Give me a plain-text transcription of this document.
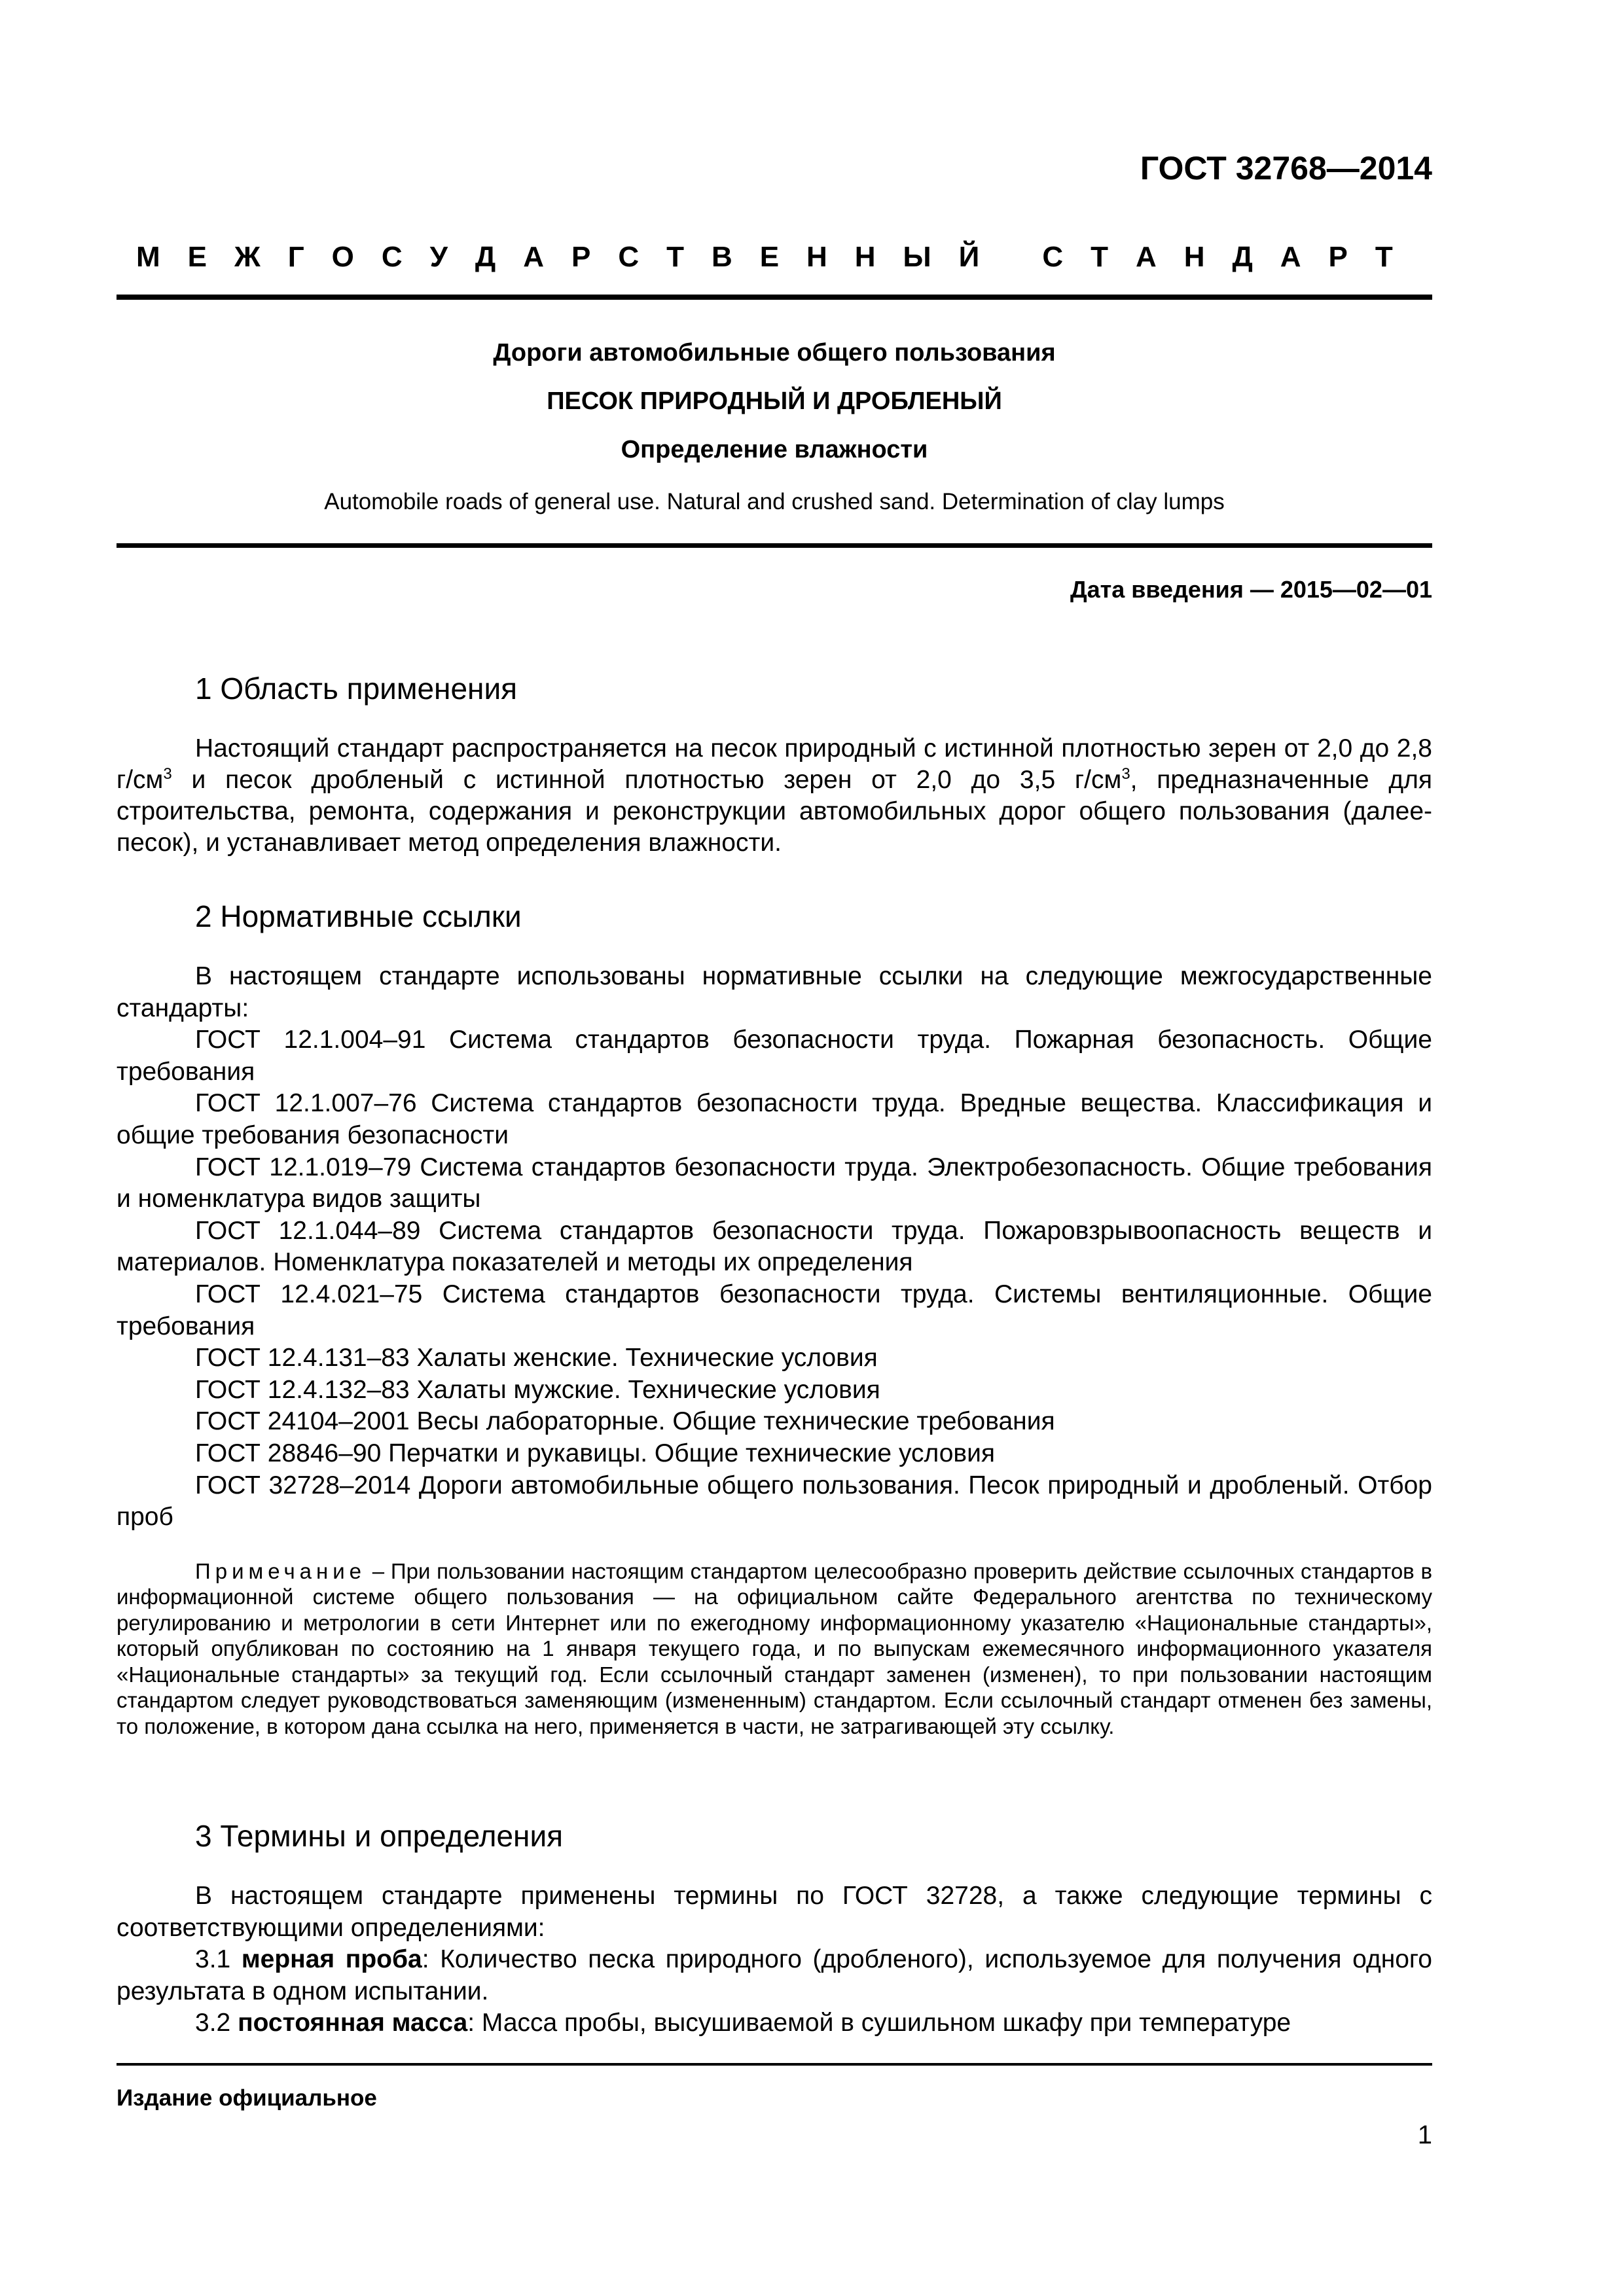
ГОСТ 32768—2014
М Е Ж Г О С У Д А Р С Т В Е Н Н Ы Й
С Т А Н Д А Р Т
Дороги автомобильные общего пользования
ПЕСОК ПРИРОДНЫЙ И ДРОБЛЕНЫЙ
Определение влажности
Automobile roads of general use. Natural and crushed sand. Determination of clay lumps
Дата введения — 2015—02—01
1 Область применения

Настоящий стандарт распространяется на песок природный с истинной плотностью зерен от 2,0 до 2,8 $г/см^3$ и песок дробленый с истинной плотностью зерен от 2,0 до 3,5 $г/см^3$, предназначенные для строительства, ремонта, содержания и реконструкции автомобильных дорог общего пользования (далее-песок), и устанавливает метод определения влажности.

2 Нормативные ссылки

В настоящем стандарте использованы нормативные ссылки на следующие межгосударственные стандарты:

ГОСТ 12.1.004–91 Система стандартов безопасности труда. Пожарная безопасность. Общие требования

ГОСТ 12.1.007–76 Система стандартов безопасности труда. Вредные вещества. Классификация и общие требования безопасности

ГОСТ 12.1.019–79 Система стандартов безопасности труда. Электробезопасность. Общие требования и номенклатура видов защиты

ГОСТ 12.1.044–89 Система стандартов безопасности труда. Пожаровзрывоопасность веществ и материалов. Номенклатура показателей и методы их определения

ГОСТ 12.4.021–75 Система стандартов безопасности труда. Системы вентиляционные. Общие требования

ГОСТ 12.4.131–83 Халаты женские. Технические условия

ГОСТ 12.4.132–83 Халаты мужские. Технические условия

ГОСТ 24104–2001 Весы лабораторные. Общие технические требования

ГОСТ 28846–90 Перчатки и рукавицы. Общие технические условия

ГОСТ 32728–2014 Дороги автомобильные общего пользования. Песок природный и дробленый. Отбор проб

Примечание – При пользовании настоящим стандартом целесообразно проверить действие ссылочных стандартов в информационной системе общего пользования — на официальном сайте Федерального агентства по техническому регулированию и метрологии в сети Интернет или по ежегодному информационному указателю «Национальные стандарты», который опубликован по состоянию на 1 января текущего года, и по выпускам ежемесячного информационного указателя «Национальные стандарты» за текущий год. Если ссылочный стандарт заменен (изменен), то при пользовании настоящим стандартом следует руководствоваться заменяющим (измененным) стандартом. Если ссылочный стандарт отменен без замены, то положение, в котором дана ссылка на него, применяется в части, не затрагивающей эту ссылку.

3 Термины и определения

В настоящем стандарте применены термины по ГОСТ 32728, а также следующие термины с соответствующими определениями:

3.1 мерная проба: Количество песка природного (дробленого), используемое для получения одного результата в одном испытании.

3.2 постоянная масса: Масса пробы, высушиваемой в сушильном шкафу при температуре

Издание официальное
1
